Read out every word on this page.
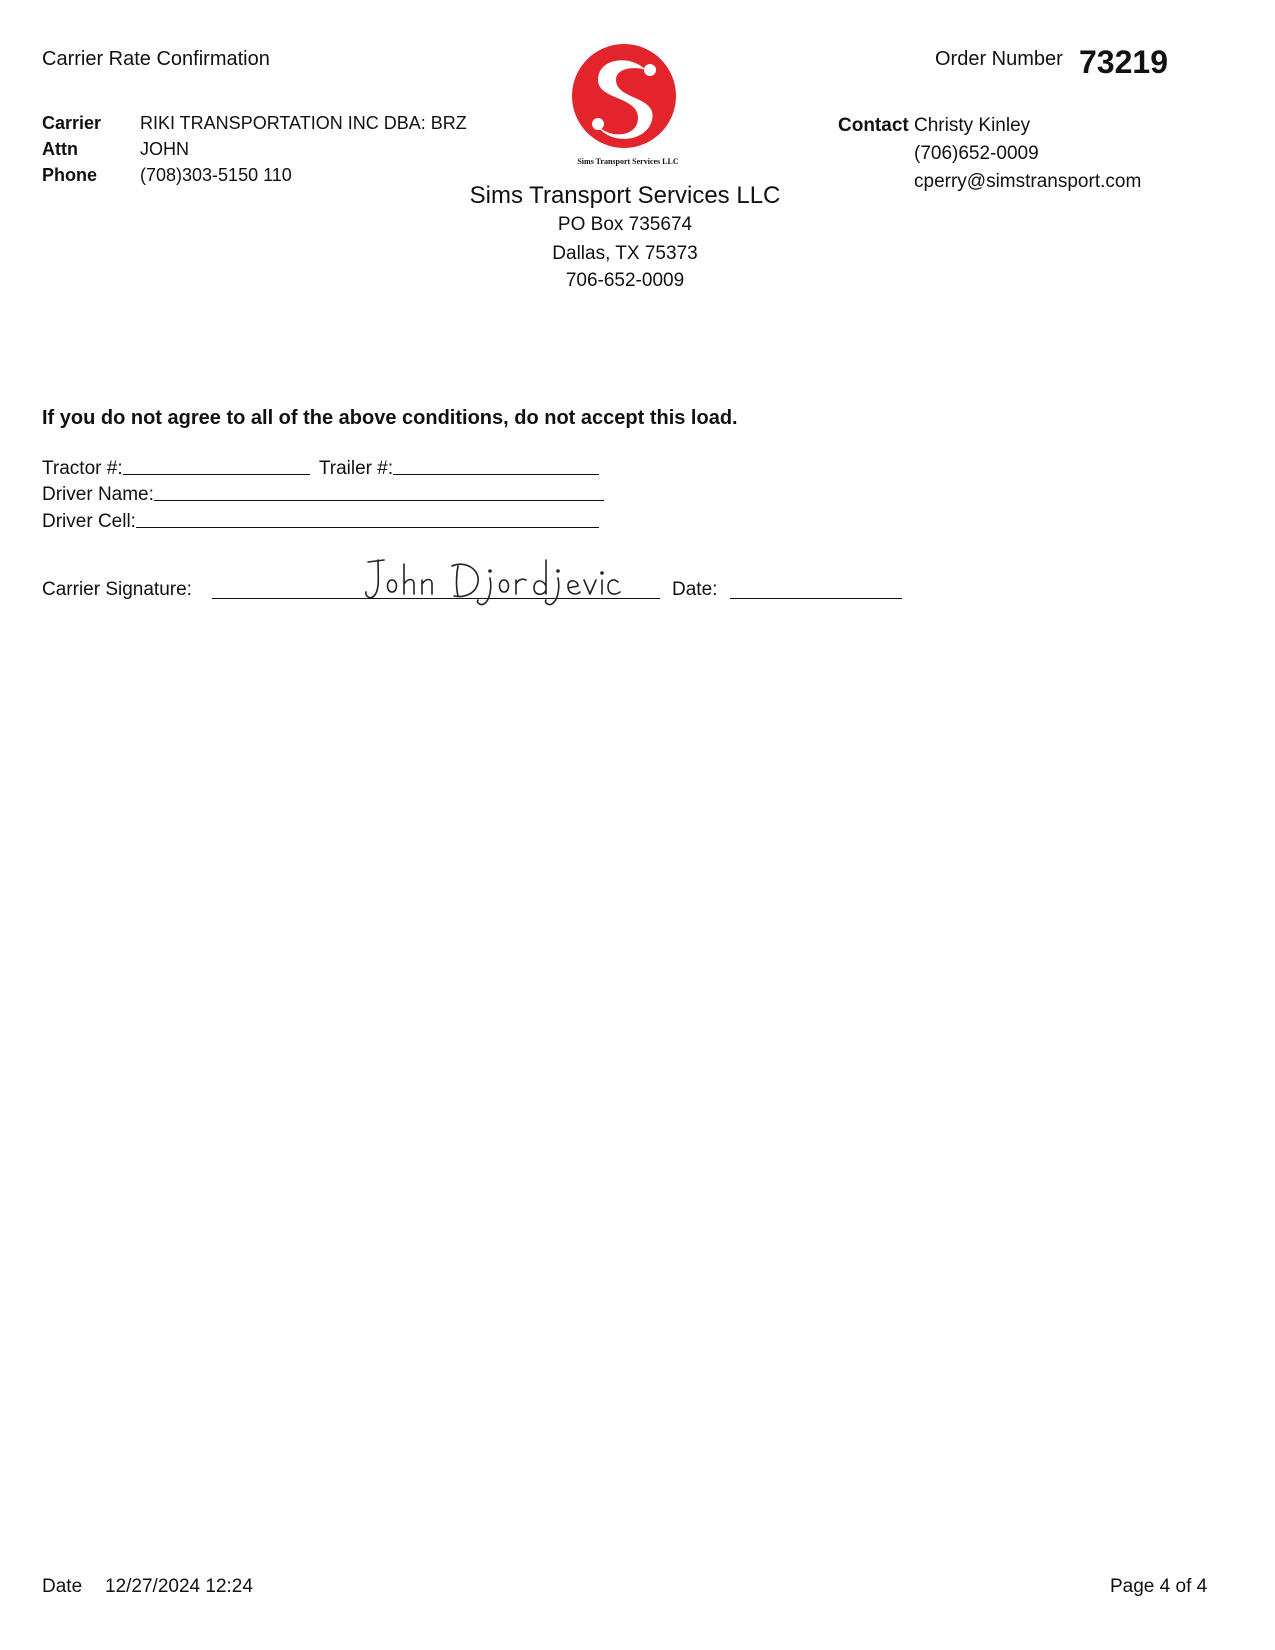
Carrier Rate Confirmation	Order Number 73219
Carrier RIKI TRANSPORTATION INC DBA: BRZ
Attn	JOHN
Phone (708)303-5150 110
Sims Transport Services LLC
Sims Transport Services LLC
PO Box 735674
Dallas, TX 75373
706-652-0009
Contact Christy Kinley
(706)652-0009
cperry@simstransport.com
If you do not agree to all of the above conditions, do not accept this load.
Tractor #:	Trailer #:
Driver Name:
Driver Cell:
Carrier Signature:	Date:
Date 12/27/2024 12:24	Page 4 of 4
